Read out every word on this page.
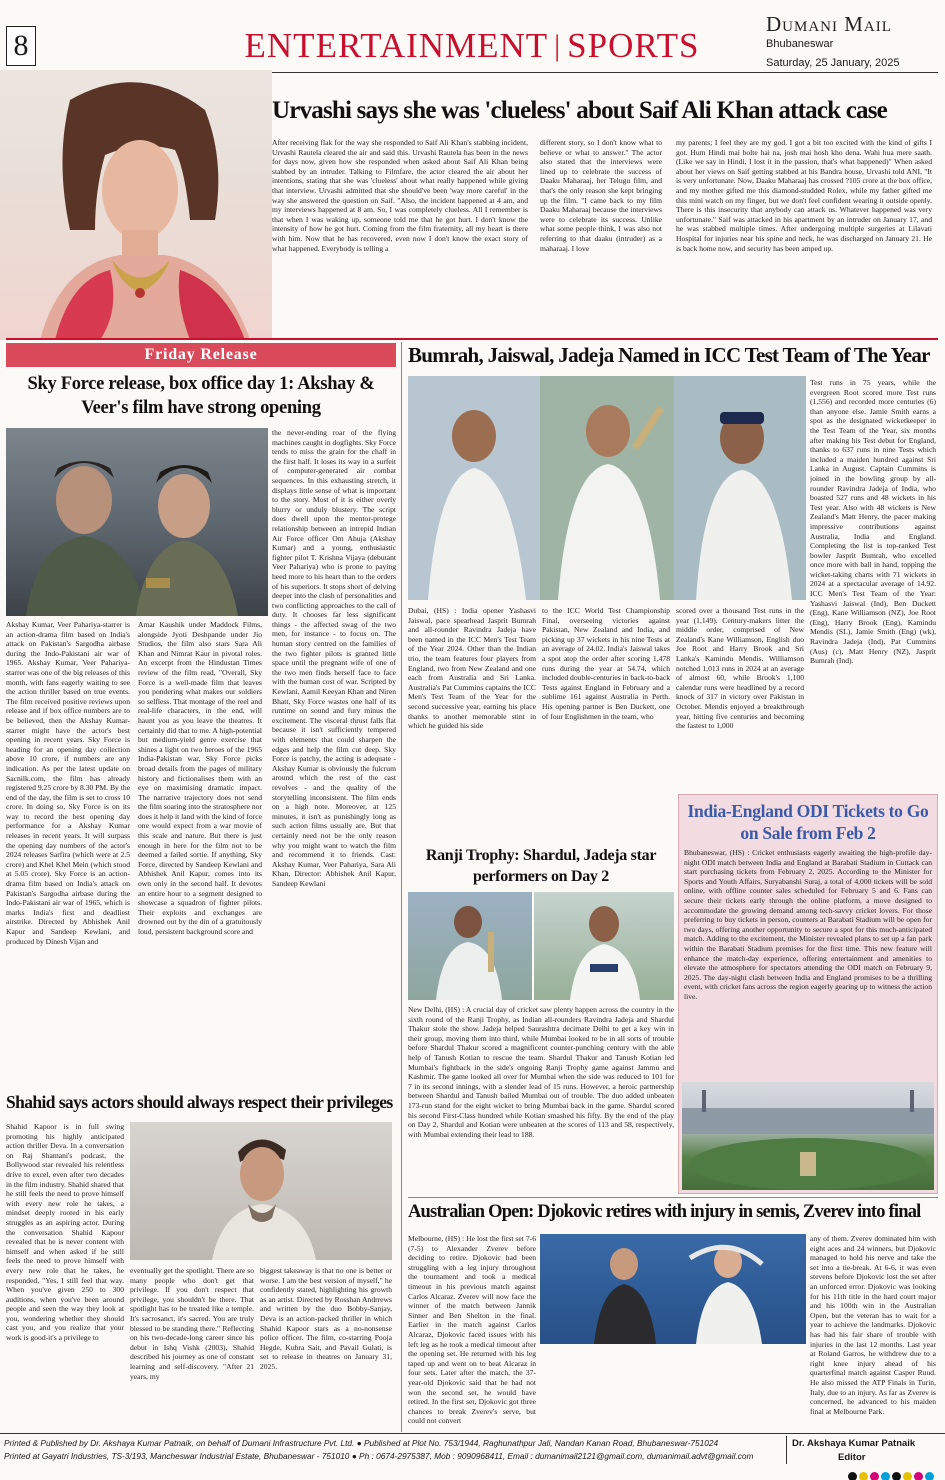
8	ENTERTAINMENT | SPORTS
Dumani Mail
Bhubaneswar
Saturday, 25 January, 2025
Urvashi says she was 'clueless' about Saif Ali Khan attack case
After receiving flak for the way she responded to Saif Ali Khan's stabbing incident, Urvashi Rautela cleared the air and said this. Urvashi Rautela has been in the news for days now, given how she responded when asked about Saif Ali Khan being stabbed by an intruder. Talking to Filmfare, the actor cleared the air about her intentions, stating that she was 'clueless' about what really happened while giving that interview. Urvashi admitted that she should've been 'way more careful' in the way she answered the question on Saif. "Also, the incident happened at 4 am, and my interviews happened at 8 am. So, I was completely clueless. All I remember is that when I was waking up, someone told me that he got hurt. I don't know the intensity of how he got hurt. Coming from the film fraternity, all my heart is there with him. Now that he has recovered, even now I don't know the exact story of what happened. Everybody is telling a
different story, so I don't know what to believe or what to answer." The actor also stated that the interviews were lined up to celebrate the success of Daaku Maharaaj, her Telugu film, and that's the only reason she kept bringing up the film. "I came back to my film Daaku Maharaaj because the interviews were to celebrate its success. Unlike what some people think, I was also not referring to that daaku (intruder) as a maharaaj. I love
my parents; I feel they are my god. I got a bit too excited with the kind of gifts I got. Hum Hindi mai bolte hai na, josh mai hosh kho dena. Wahi hua mere saath. (Like we say in Hindi, I lost it in the passion, that's what happened)" When asked about her views on Saif getting stabbed at his Bandra house, Urvashi told ANI, "It is very unfortunate. Now, Daaku Maharaaj has crossed ?105 crore at the box office, and my mother gifted me this diamond-studded Rolex, while my father gifted me this mini watch on my finger, but we don't feel confident wearing it outside openly. There is this insecurity that anybody can attack us. Whatever happened was very unfortunate." Saif was attacked in his apartment by an intruder on January 17, and he was stabbed multiple times. After undergoing multiple surgeries at Lilavati Hospital for injuries near his spine and neck, he was discharged on January 21. He is back home now, and security has been amped up.
Friday Release
Sky Force release, box office day 1: Akshay & Veer's film have strong opening
Akshay Kumar, Veer Pahariya-starrer is an action-drama film based on India's attack on Pakistan's Sargodha airbase during the Indo-Pakistani air war of 1965. Akshay Kumar, Veer Pahariya-starrer was one of the big releases of this month, with fans eagerly waiting to see the action thriller based on true events. The film received positive reviews upon release and if box office numbers are to be believed, then the Akshay Kumar-starrer might have the actor's best opening in recent years. Sky Force is heading for an opening day collection above 10 crore, if numbers are any indication. As per the latest update on Sacnilk.com, the film has already registered 9.25 crore by 8.30 PM. By the end of the day, the film is set to cross 10 crore. In doing so, Sky Force is on its way to record the best opening day performance for a Akshay Kumar releases in recent years. It will surpass the opening day numbers of the actor's 2024 releases Sarfira (which were at 2.5 crore) and Khel Khel Mein (which stood at 5.05 crore). Sky Force is an action-drama film based on India's attack on Pakistan's Sargodha airbase during the Indo-Pakistani air war of 1965, which is marks India's first and deadliest airstrike. Directed by Abhishek Anil Kapur and Sandeep Kewlani, and produced by Dinesh Vijan and
Amar Kaushik under Maddock Films, alongside Jyoti Deshpande under Jio Studios, the film also stars Sara Ali Khan and Nimrat Kaur in pivotal roles. An excerpt from the Hindustan Times review of the film read, "Overall, Sky Force is a well-made film that leaves you pondering what makes our soldiers so selfless. That montage of the reel and real-life characters, in the end, will haunt you as you leave the theatres. It certainly did that to me. A high-potential but medium-yield genre exercise that shines a light on two heroes of the 1965 India-Pakistan war, Sky Force picks broad details from the pages of military history and fictionalises them with an eye on maximising dramatic impact. The narrative trajectory does not send the film soaring into the stratosphere nor does it help it land with the kind of force one would expect from a war movie of this scale and nature. But there is just enough in here for the film not to be deemed a failed sortie. If anything, Sky Force, directed by Sandeep Kewlani and Abhishek Anil Kapur, comes into its own only in the second half. It devotes an entire hour to a segment designed to showcase a squadron of fighter pilots. Their exploits and exchanges are drowned out by the din of a gratuitously loud, persistent background score and
the never-ending roar of the flying machines caught in dogfights. Sky Force tends to miss the grain for the chaff in the first half. It loses its way in a surfeit of computer-generated air combat sequences. In this exhausting stretch, it displays little sense of what is important to the story. Most of it is either overly blurry or unduly blustery. The script does dwell upon the mentor-protege relationship between an intrepid Indian Air Force officer Om Ahuja (Akshay Kumar) and a young, enthusiastic fighter pilot T. Krishna Vijaya (debutant Veer Pahariya) who is prone to paying heed more to his heart than to the orders of his superiors. It stops short of delving deeper into the clash of personalities and two conflicting approaches to the call of duty. It chooses far less significant things - the affected swag of the two men, for instance - to focus on. The human story centred on the families of the two fighter pilots is granted little space until the pregnant wife of one of the two men finds herself face to face with the human cost of war. Scripted by Kewlani, Aamil Keeyan Khan and Niren Bhatt, Sky Force wastes one half of its runtime on sound and fury minus the excitement. The visceral thrust falls flat because it isn't sufficiently tempered with elements that could sharpen the edges and help the film cut deep. Sky Force is patchy, the acting is adequate - Akshay Kumar is obviously the fulcrum around which the rest of the cast revolves - and the quality of the storytelling inconsistent. The film ends on a high note. Moreover, at 125 minutes, it isn't as punishingly long as such action films usually are. But that certainly need not be the only reason why you might want to watch the film and recommend it to friends. Cast: Akshay Kumar, Veer Pahariya, Sara Ali Khan, Director: Abhishek Anil Kapur, Sandeep Kewlani
Shahid says actors should always respect their privileges
Shahid Kapoor is in full swing promoting his highly anticipated action thriller Deva. In a conversation on Raj Shamani's podcast, the Bollywood star revealed his relentless drive to excel, even after two decades in the film industry. Shahid shared that he still feels the need to prove himself with every new role he takes, a mindset deeply rooted in his early struggles as an aspiring actor. During the conversation Shahid Kapoor revealed that he is never content with himself and when asked if he still feels the need to prove himself with every new role that he takes, he responded, "Yes, I still feel that way. When you've given 250 to 300 auditions, when you've been around people and seen the way they look at you, wondering whether they should cast you, and you realize that your work is good-it's a privilege to
eventually get the spotlight. There are so many people who don't get that privilege. If you don't respect that privilege, you shouldn't be there. That spotlight has to be treated like a temple. It's sacrosanct, it's sacred. You are truly blessed to be standing there." Reflecting on his two-decade-long career since his debut in Ishq Vishk (2003), Shahid described his journey as one of constant learning and self-discovery. "After 21 years, my
biggest takeaway is that no one is better or worse. I am the best version of myself," he confidently stated, highlighting his growth as an artist. Directed by Rosshan Andrrews and written by the duo Bobby-Sanjay, Deva is an action-packed thriller in which Shahid Kapoor stars as a no-nonsense police officer. The film, co-starring Pooja Hegde, Kubra Sait, and Pavail Gulati, is set to release in theatres on January 31, 2025.
Bumrah, Jaiswal, Jadeja Named in ICC Test Team of The Year
Test runs in 75 years, while the evergreen Root scored more Test runs (1,556) and recorded more centuries (6) than anyone else. Jamie Smith earns a spot as the designated wicketkeeper in the Test Team of the Year, six months after making his Test debut for England, thanks to 637 runs in nine Tests which included a maiden hundred against Sri Lanka in August. Captain Cummins is joined in the bowling group by all-rounder Ravindra Jadeja of India, who boasted 527 runs and 48 wickets in his Test year. Also with 48 wickets is New Zealand's Matt Henry, the pacer making impressive contributions against Australia, India and England. Completing the list is top-ranked Test bowler Jasprit Bumrah, who excelled once more with ball in hand, topping the wicket-taking charts with 71 wickets in 2024 at a spectacular average of 14.92. ICC Men's Test Team of the Year: Yashasvi Jaiswal (Ind), Ben Duckett (Eng), Kane Williamson (NZ), Joe Root (Eng), Harry Brook (Eng), Kamindu Mendis (SL), Jamie Smith (Eng) (wk), Ravindra Jadeja (Ind), Pat Cummins (Aus) (c), Matt Henry (NZ), Jasprit Bumrah (Ind).
Dubai, (HS) : India opener Yashasvi Jaiswal, pace spearhead Jasprit Bumrah and all-rounder Ravindra Jadeja have been named in the ICC Men's Test Team of the Year 2024. Other than the Indian trio, the team features four players from England, two from New Zealand and one each from Australia and Sri Lanka. Australia's Pat Cummins captains the ICC Men's Test Team of the Year for the second successive year, earning his place thanks to another memorable stint in which he guided his side
to the ICC World Test Championship Final, overseeing victories against Pakistan, New Zealand and India, and picking up 37 wickets in his nine Tests at an average of 24.02. India's Jaiswal takes a spot atop the order after scoring 1,478 runs during the year at 54.74, which included double-centuries in back-to-back Tests against England in February and a sublime 161 against Australia in Perth. His opening partner is Ben Duckett, one of four Englishmen in the team, who
scored over a thousand Test runs in the year (1,149). Century-makers litter the middle order, comprised of New Zealand's Kane Williamson, English duo Joe Root and Harry Brook and Sri Lanka's Kamindu Mendis. Williamson notched 1,013 runs in 2024 at an average of almost 60, while Brook's 1,100 calendar runs were headlined by a record knock of 317 in victory over Pakistan in October. Mendis enjoyed a breakthrough year, hitting five centuries and becoming the fastest to 1,000
Ranji Trophy: Shardul, Jadeja star performers on Day 2
New Delhi, (HS) : A crucial day of cricket saw plenty happen across the country in the sixth round of the Ranji Trophy, as Indian all-rounders Ravindra Jadeja and Shardul Thakur stole the show. Jadeja helped Saurashtra decimate Delhi to get a key win in their group, moving them into third, while Mumbai looked to be in all sorts of trouble before Shardul Thakur scored a magnificent counter-punching century with the able help of Tanush Kotian to rescue the team. Shardul Thakur and Tanush Kotian led Mumbai's fightback in the side's ongoing Ranji Trophy game against Jammu and Kashmir. The game looked all over for Mumbai when the side was reduced to 101 for 7 in its second innings, with a slender lead of 15 runs. However, a heroic partnership between Shardul and Tanush bailed Mumbai out of trouble. The duo added unbeaten 173-run stand for the eight wicket to bring Mumbai back in the game. Shardul scored his second First-Class hundred while Kotian smashed his fifty. By the end of the play on Day 2, Shardul and Kotian were unbeaten at the scores of 113 and 58, respectively, with Mumbai extending their lead to 188.
India-England ODI Tickets to Go on Sale from Feb 2
Bhubaneswar, (HS) : Cricket enthusiasts eagerly awaiting the high-profile day-night ODI match between India and England at Barabati Stadium in Cuttack can start purchasing tickets from February 2, 2025. According to the Minister for Sports and Youth Affairs, Suryabanshi Suraj, a total of 4,000 tickets will be sold online, with offline counter sales scheduled for February 5 and 6. Fans can secure their tickets early through the online platform, a move designed to accommodate the growing demand among tech-savvy cricket lovers. For those preferring to buy tickets in person, counters at Barabati Stadium will be open for two days, offering another opportunity to secure a spot for this much-anticipated match. Adding to the excitement, the Minister revealed plans to set up a fan park within the Barabati Stadium premises for the first time. This new feature will enhance the match-day experience, offering entertainment and amenities to elevate the atmosphere for spectators attending the ODI match on February 9, 2025. The day-night clash between India and England promises to be a thrilling event, with cricket fans across the region eagerly gearing up to witness the action live.
Australian Open: Djokovic retires with injury in semis, Zverev into final
Melbourne, (HS) : He lost the first set 7-6 (7-5) to Alexander Zverev before deciding to retire. Djokovic had been struggling with a leg injury throughout the tournament and took a medical timeout in his previous match against Carlos Alcaraz. Zverev will now face the winner of the match between Jannik Sinner and Ben Shelton in the final. Earlier in the match against Carlos Alcaraz, Djokovic faced issues with his left leg as he took a medical timeout after the opening set. He returned with his leg taped up and went on to beat Alcaraz in four sets. Later after the match, the 37-year-old Djokovic said that he had not won the second set, he would have retired. In the first set, Djokovic got three chances to break Zverev's serve, but could not convert
any of them. Zverev dominated him with eight aces and 24 winners, but Djokovic managed to hold his nerve and take the set into a tie-break. At 6-6, it was even stevens before Djokovic lost the set after an unforced error. Djokovic was looking for his 11th title in the hard court major and his 100th win in the Australian Open, but the veteran has to wait for a year to achieve the landmarks. Djokovic has had his fair share of trouble with injuries in the last 12 months. Last year at Roland Garros, he withdrew due to a right knee injury ahead of his quarterfinal match against Casper Ruud. He also missed the ATP Finals in Turin, Italy, due to an injury. As far as Zverev is concerned, he advanced to his maiden final at Melbourne Park.
Printed & Published by Dr. Akshaya Kumar Patnaik, on behalf of Dumani Infrastructure Pvt. Ltd. ● Published at Plot No. 753/1944, Raghunathpur Jali, Nandan Kanan Road, Bhubaneswar-751024
Printed at Gayatri Industries, TS-3/193, Mancheswar Industrial Estate, Bhubaneswar - 751010 ● Ph : 0674-2975387, Mob : 9090968411, Email : dumanimail2121@gmail.com, dumanimail.advt@gmail.com
Dr. Akshaya Kumar Patnaik
Editor
